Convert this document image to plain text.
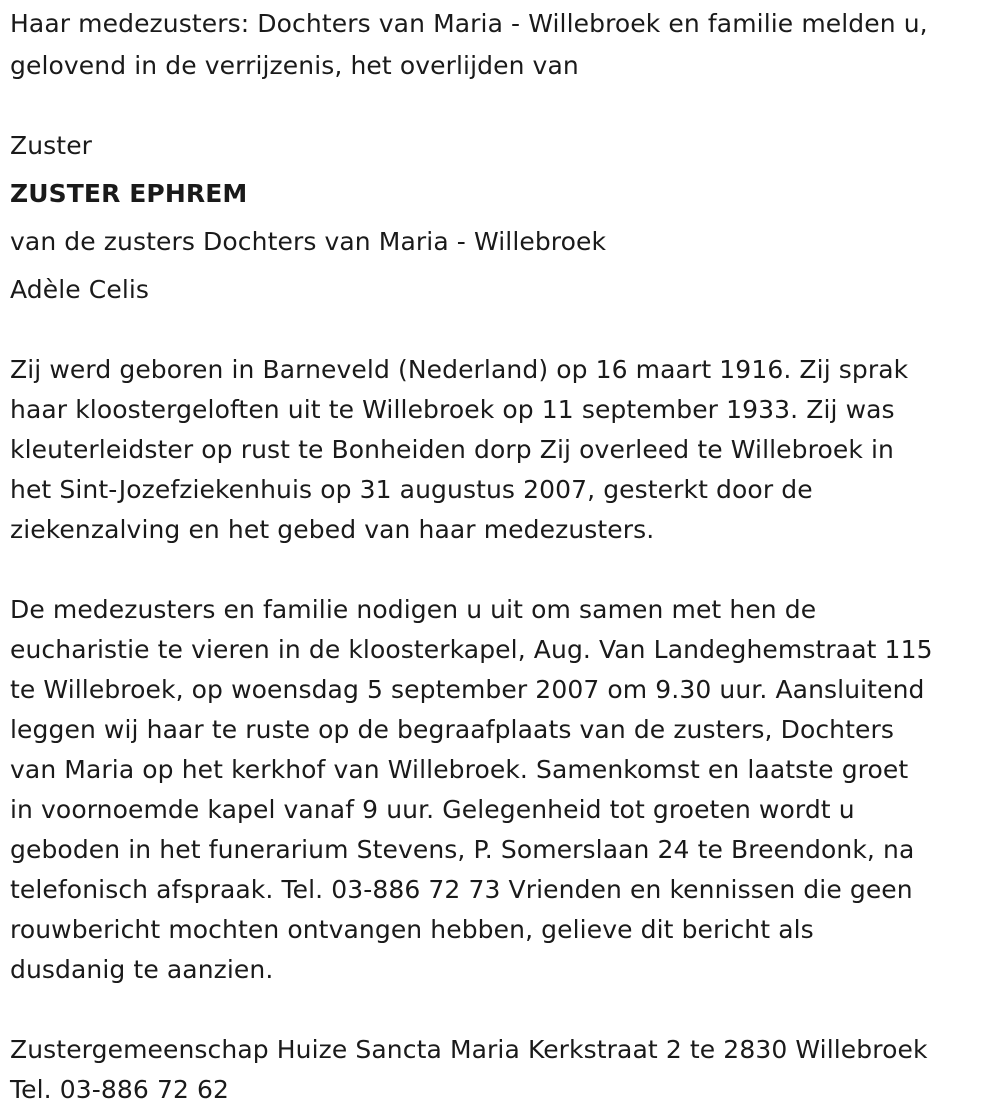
Haar medezusters: Dochters van Maria - Willebroek en familie melden u,
gelovend in de verrijzenis, het overlijden van
Zuster
ZUSTER EPHREM
van de zusters Dochters van Maria - Willebroek
Adèle Celis
Zij werd geboren in Barneveld (Nederland) op 16 maart 1916. Zij sprak
haar kloostergeloften uit te Willebroek op 11 september 1933. Zij was
kleuterleidster op rust te Bonheiden dorp Zij overleed te Willebroek in
het Sint-Jozefziekenhuis op 31 augustus 2007, gesterkt door de
ziekenzalving en het gebed van haar medezusters.
De medezusters en familie nodigen u uit om samen met hen de
eucharistie te vieren in de kloosterkapel, Aug. Van Landeghemstraat 115
te Willebroek, op woensdag 5 september 2007 om 9.30 uur. Aansluitend
leggen wij haar te ruste op de begraafplaats van de zusters, Dochters
van Maria op het kerkhof van Willebroek. Samenkomst en laatste groet
in voornoemde kapel vanaf 9 uur. Gelegenheid tot groeten wordt u
geboden in het funerarium Stevens, P. Somerslaan 24 te Breendonk, na
telefonisch afspraak. Tel. 03-886 72 73 Vrienden en kennissen die geen
rouwbericht mochten ontvangen hebben, gelieve dit bericht als
dusdanig te aanzien.
Zustergemeenschap Huize Sancta Maria Kerkstraat 2 te 2830 Willebroek
Tel. 03-886 72 62
